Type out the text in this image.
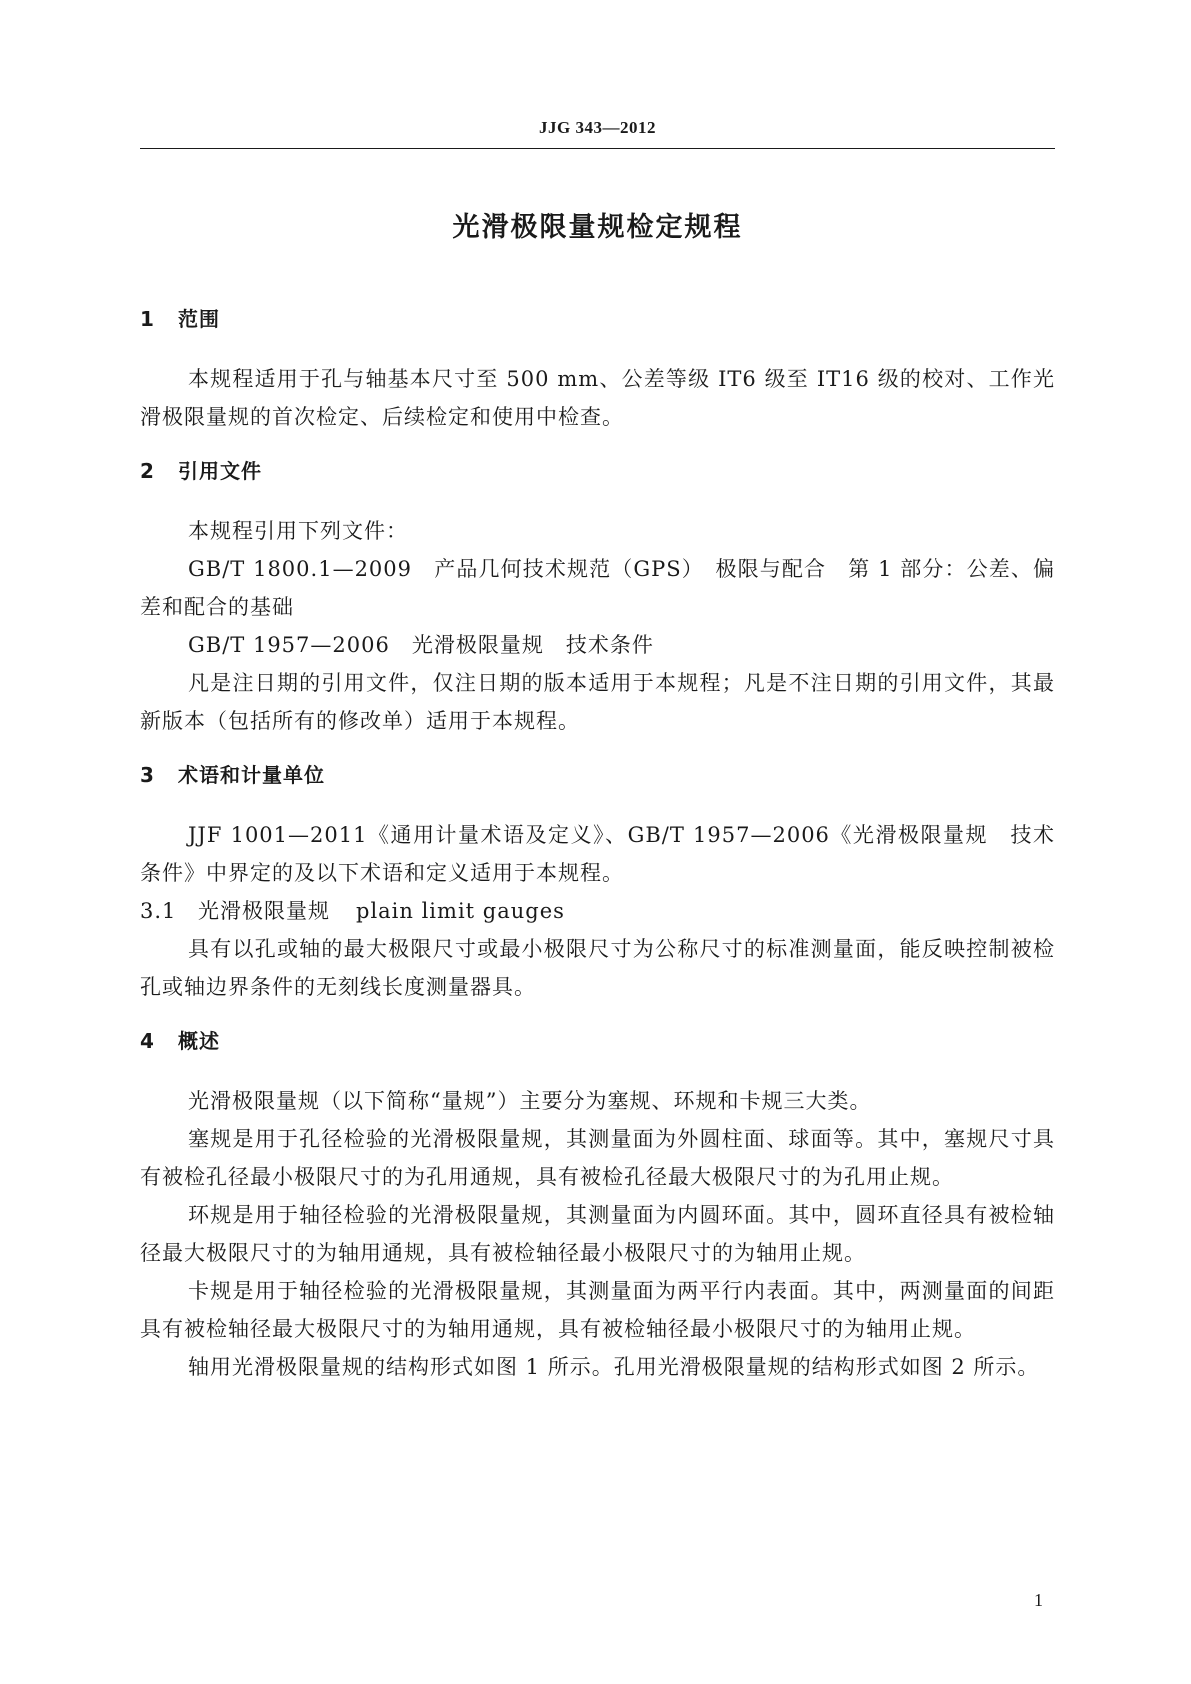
JJG 343—2012
光滑极限量规检定规程
1 范围

本规程适用于孔与轴基本尺寸至 500 mm、公差等级 IT6 级至 IT16 级的校对、工作光滑极限量规的首次检定、后续检定和使用中检查。

2 引用文件

本规程引用下列文件：

GB/T 1800.1—2009　产品几何技术规范（GPS）　极限与配合　第 1 部分：公差、偏差和配合的基础

GB/T 1957—2006　光滑极限量规　技术条件

凡是注日期的引用文件，仅注日期的版本适用于本规程；凡是不注日期的引用文件，其最新版本（包括所有的修改单）适用于本规程。

3 术语和计量单位

JJF 1001—2011《通用计量术语及定义》、GB/T 1957—2006《光滑极限量规　技术条件》中界定的及以下术语和定义适用于本规程。

3.1 光滑极限量规 plain limit gauges

具有以孔或轴的最大极限尺寸或最小极限尺寸为公称尺寸的标准测量面，能反映控制被检孔或轴边界条件的无刻线长度测量器具。

4 概述

光滑极限量规（以下简称“量规”）主要分为塞规、环规和卡规三大类。

塞规是用于孔径检验的光滑极限量规，其测量面为外圆柱面、球面等。其中，塞规尺寸具有被检孔径最小极限尺寸的为孔用通规，具有被检孔径最大极限尺寸的为孔用止规。

环规是用于轴径检验的光滑极限量规，其测量面为内圆环面。其中，圆环直径具有被检轴径最大极限尺寸的为轴用通规，具有被检轴径最小极限尺寸的为轴用止规。

卡规是用于轴径检验的光滑极限量规，其测量面为两平行内表面。其中，两测量面的间距具有被检轴径最大极限尺寸的为轴用通规，具有被检轴径最小极限尺寸的为轴用止规。

轴用光滑极限量规的结构形式如图 1 所示。孔用光滑极限量规的结构形式如图 2 所示。

1
